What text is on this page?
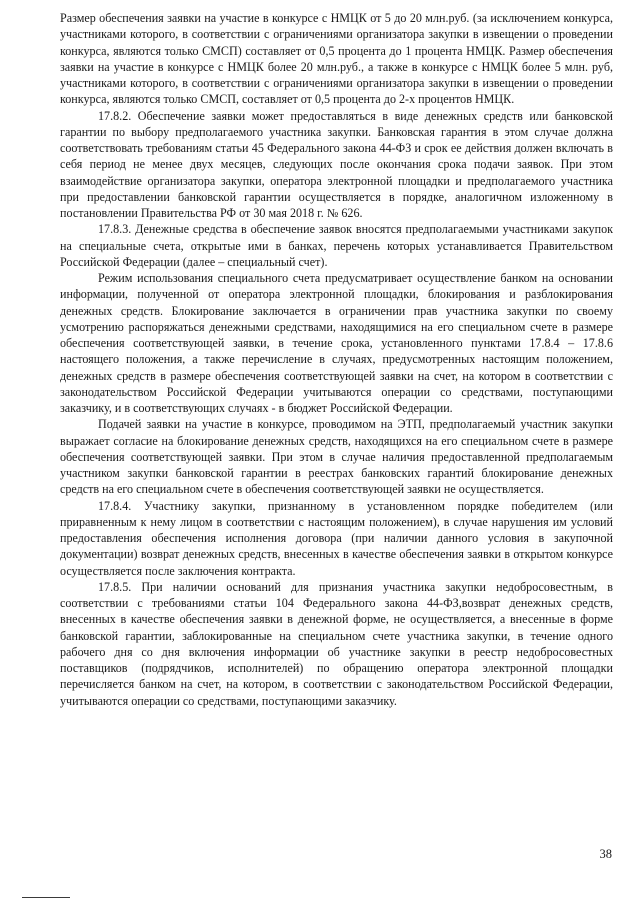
Размер обеспечения заявки на участие в конкурсе с НМЦК от 5 до 20 млн.руб. (за исключением конкурса, участниками которого, в соответствии с ограничениями организатора закупки в извещении о проведении конкурса, являются только СМСП) составляет от 0,5 процента до 1 процента НМЦК. Размер обеспечения заявки на участие в конкурсе с НМЦК более 20 млн.руб., а также в конкурсе с НМЦК более 5 млн. руб, участниками которого, в соответствии с ограничениями организатора закупки в извещении о проведении конкурса, являются только СМСП, составляет от 0,5 процента до 2-х процентов НМЦК.

17.8.2. Обеспечение заявки может предоставляться в виде денежных средств или банковской гарантии по выбору предполагаемого участника закупки. Банковская гарантия в этом случае должна соответствовать требованиям статьи 45 Федерального закона 44-ФЗ и срок ее действия должен включать в себя период не менее двух месяцев, следующих после окончания срока подачи заявок. При этом взаимодействие организатора закупки, оператора электронной площадки и предполагаемого участника при предоставлении банковской гарантии осуществляется в порядке, аналогичном изложенному в постановлении Правительства РФ от 30 мая 2018 г. № 626.

17.8.3. Денежные средства в обеспечение заявок вносятся предполагаемыми участниками закупок на специальные счета, открытые ими в банках, перечень которых устанавливается Правительством Российской Федерации (далее – специальный счет).

Режим использования специального счета предусматривает осуществление банком на основании информации, полученной от оператора электронной площадки, блокирования и разблокирования денежных средств. Блокирование заключается в ограничении прав участника закупки по своему усмотрению распоряжаться денежными средствами, находящимися на его специальном счете в размере обеспечения соответствующей заявки, в течение срока, установленного пунктами 17.8.4 – 17.8.6 настоящего положения, а также перечисление в случаях, предусмотренных настоящим положением, денежных средств в размере обеспечения соответствующей заявки на счет, на котором в соответствии с законодательством Российской Федерации учитываются операции со средствами, поступающими заказчику, и в соответствующих случаях - в бюджет Российской Федерации.

Подачей заявки на участие в конкурсе, проводимом на ЭТП, предполагаемый участник закупки выражает согласие на блокирование денежных средств, находящихся на его специальном счете в размере обеспечения соответствующей заявки. При этом в случае наличия предоставленной предполагаемым участником закупки банковской гарантии в реестрах банковских гарантий блокирование денежных средств на его специальном счете в обеспечения соответствующей заявки не осуществляется.

17.8.4. Участнику закупки, признанному в установленном порядке победителем (или приравненным к нему лицом в соответствии с настоящим положением), в случае нарушения им условий предоставления обеспечения исполнения договора (при наличии данного условия в закупочной документации) возврат денежных средств, внесенных в качестве обеспечения заявки в открытом конкурсе осуществляется после заключения контракта.

17.8.5. При наличии оснований для признания участника закупки недобросовестным, в соответствии с требованиями статьи 104 Федерального закона 44-ФЗ,возврат денежных средств, внесенных в качестве обеспечения заявки в денежной форме, не осуществляется, а внесенные в форме банковской гарантии, заблокированные на специальном счете участника закупки, в течение одного рабочего дня со дня включения информации об участнике закупки в реестр недобросовестных поставщиков (подрядчиков, исполнителей) по обращению оператора электронной площадки перечисляется банком на счет, на котором, в соответствии с законодательством Российской Федерации, учитываются операции со средствами, поступающими заказчику.

38
